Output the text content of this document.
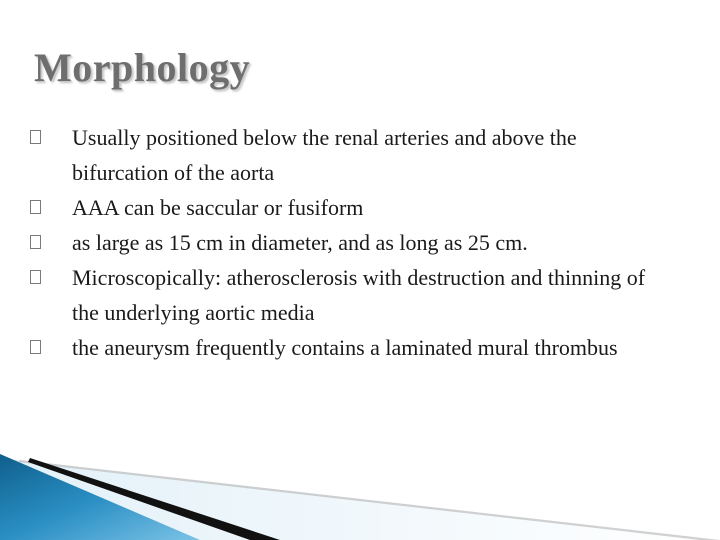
Morphology
Usually positioned below the renal arteries and above the bifurcation of the aorta
AAA can be saccular or fusiform
as large as 15 cm in diameter, and as long as 25 cm.
Microscopically: atherosclerosis with destruction and thinning of the underlying aortic media
the aneurysm frequently contains a laminated mural thrombus
